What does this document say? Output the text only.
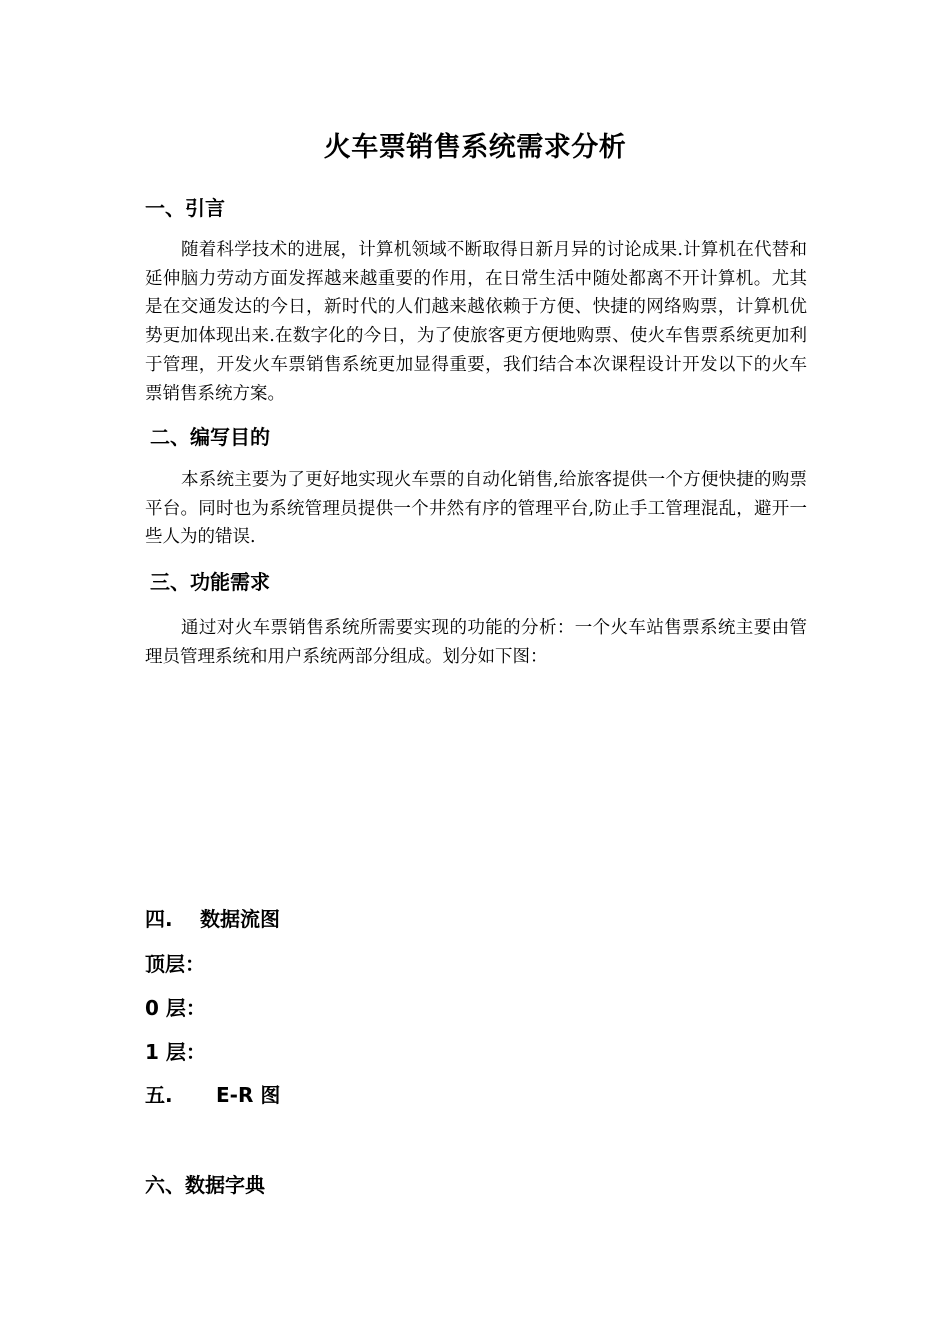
火车票销售系统需求分析
一、引言

随着科学技术的进展，计算机领域不断取得日新月异的讨论成果.计算机在代替和延伸脑力劳动方面发挥越来越重要的作用，在日常生活中随处都离不开计算机。尤其是在交通发达的今日，新时代的人们越来越依赖于方便、快捷的网络购票，计算机优势更加体现出来.在数字化的今日，为了使旅客更方便地购票、使火车售票系统更加利于管理，开发火车票销售系统更加显得重要，我们结合本次课程设计开发以下的火车票销售系统方案。

二、编写目的

本系统主要为了更好地实现火车票的自动化销售,给旅客提供一个方便快捷的购票平台。同时也为系统管理员提供一个井然有序的管理平台,防止手工管理混乱，避开一些人为的错误.

三、功能需求

通过对火车票销售系统所需要实现的功能的分析：一个火车站售票系统主要由管理员管理系统和用户系统两部分组成。划分如下图：

四. 数据流图
顶层：
0 层：
1 层：
五. E-R 图
六、数据字典
